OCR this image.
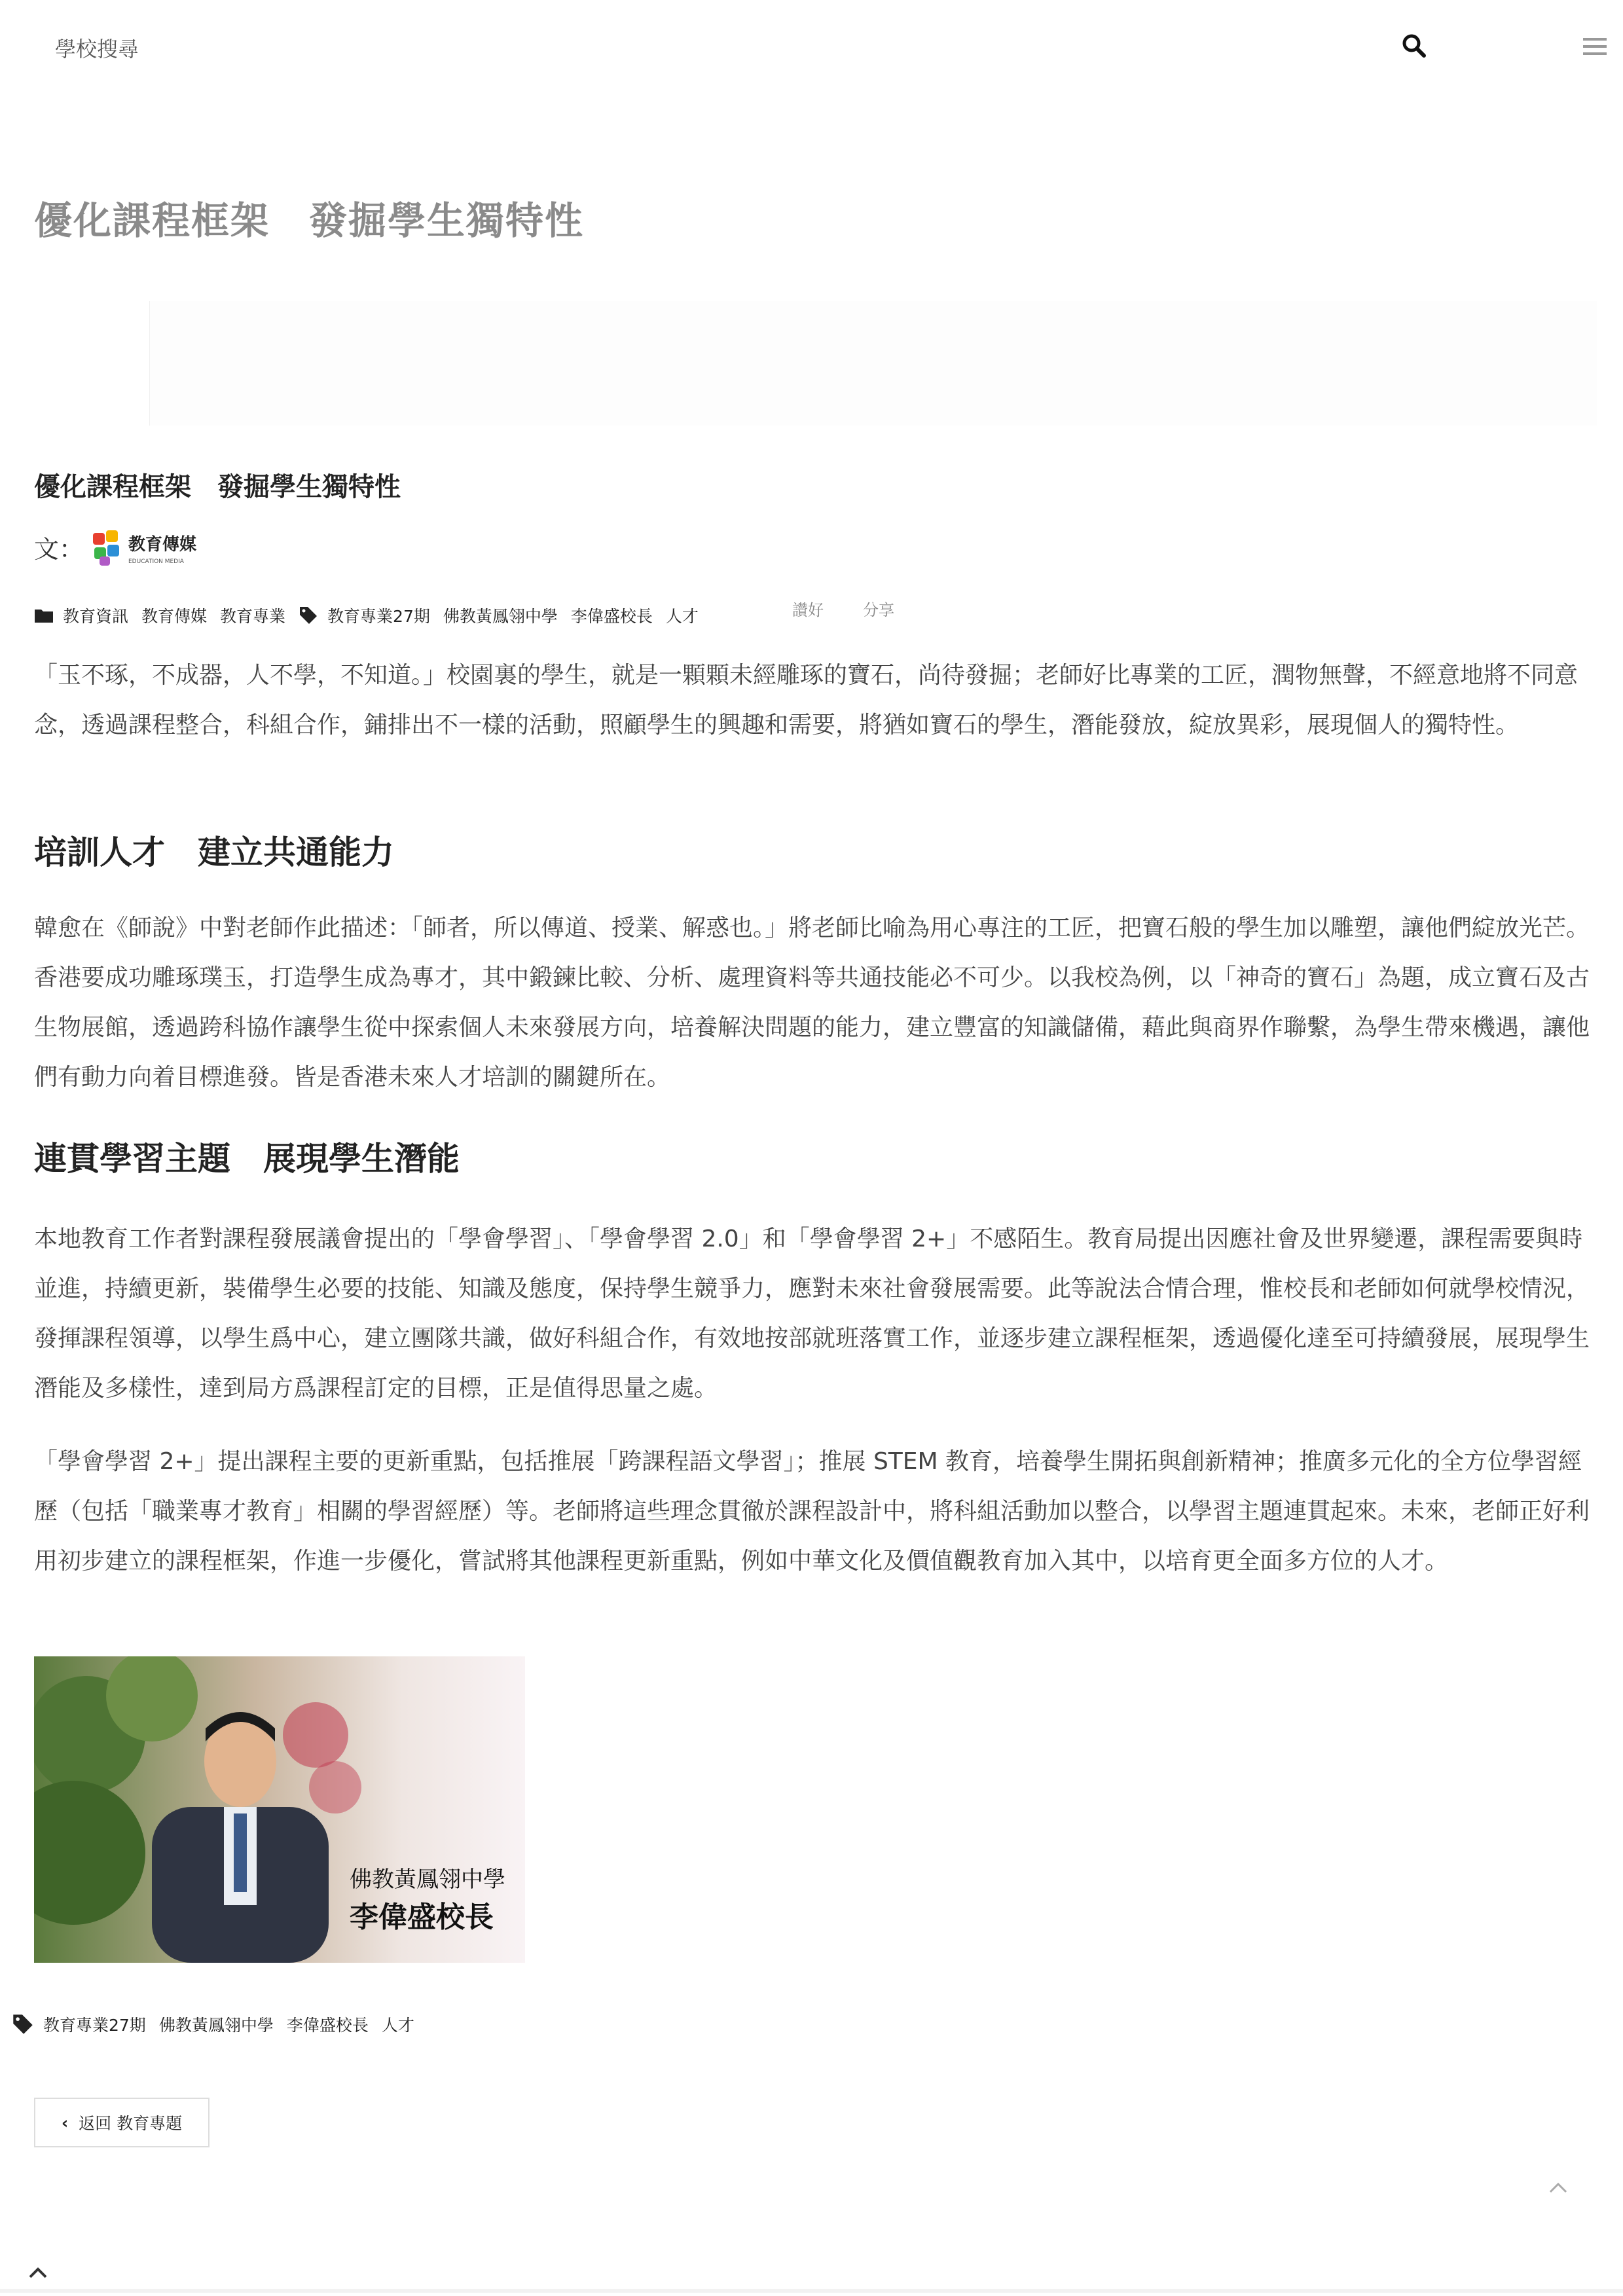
學校搜尋
優化課程框架　發掘學生獨特性
優化課程框架　發掘學生獨特性
文：	教育傳媒
EDUCATION MEDIA
教育資訊 教育傳媒 教育專業	教育專業27期 佛教黃鳳翎中學 李偉盛校長 人才	讚好	分享
「玉不琢，不成器，人不學，不知道。」校園裏的學生，就是一顆顆未經雕琢的寶石，尚待發掘；老師好比專業的工匠，潤物無聲，不經意地將不同意念，透過課程整合，科組合作，鋪排出不一樣的活動，照顧學生的興趣和需要，將猶如寶石的學生，潛能發放，綻放異彩，展現個人的獨特性。
培訓人才　建立共通能力
韓愈在《師說》中對老師作此描述：「師者，所以傳道、授業、解惑也。」將老師比喻為用心專注的工匠，把寶石般的學生加以雕塑，讓他們綻放光芒。香港要成功雕琢璞玉，打造學生成為專才，其中鍛鍊比較、分析、處理資料等共通技能必不可少。以我校為例，以「神奇的寶石」為題，成立寶石及古生物展館，透過跨科協作讓學生從中探索個人未來發展方向，培養解決問題的能力，建立豐富的知識儲備，藉此與商界作聯繫，為學生帶來機遇，讓他們有動力向着目標進發。皆是香港未來人才培訓的關鍵所在。
連貫學習主題　展現學生潛能
本地教育工作者對課程發展議會提出的「學會學習」、「學會學習 2.0」和「學會學習 2+」不感陌生。教育局提出因應社會及世界變遷，課程需要與時並進，持續更新，裝備學生必要的技能、知識及態度，保持學生競爭力，應對未來社會發展需要。此等說法合情合理，惟校長和老師如何就學校情況，發揮課程領導，以學生爲中心，建立團隊共識，做好科組合作，有效地按部就班落實工作，並逐步建立課程框架，透過優化達至可持續發展，展現學生潛能及多樣性，達到局方爲課程訂定的目標，正是值得思量之處。
「學會學習 2+」提出課程主要的更新重點，包括推展「跨課程語文學習」；推展 STEM 教育，培養學生開拓與創新精神；推廣多元化的全方位學習經歷（包括「職業專才教育」相關的學習經歷）等。老師將這些理念貫徹於課程設計中，將科組活動加以整合，以學習主題連貫起來。未來，老師正好利用初步建立的課程框架，作進一步優化，嘗試將其他課程更新重點，例如中華文化及價值觀教育加入其中，以培育更全面多方位的人才。
佛教黃鳳翎中學
李偉盛校長
教育專業27期 佛教黃鳳翎中學 李偉盛校長 人才
‹ 返回 教育專題
